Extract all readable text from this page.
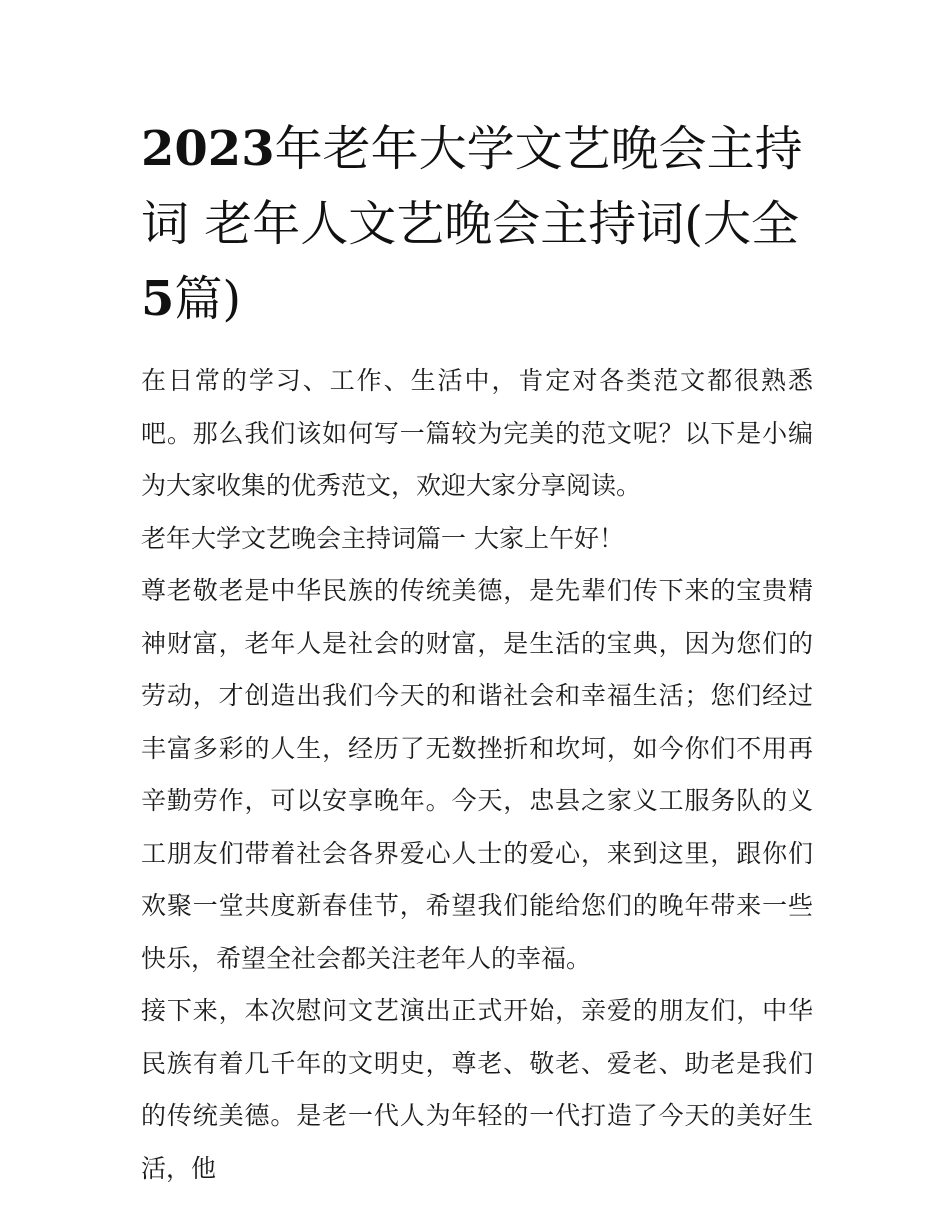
2023年老年大学文艺晚会主持词 老年人文艺晚会主持词(大全5篇)

在日常的学习、工作、生活中，肯定对各类范文都很熟悉吧。那么我们该如何写一篇较为完美的范文呢？以下是小编为大家收集的优秀范文，欢迎大家分享阅读。

老年大学文艺晚会主持词篇一 大家上午好！

尊老敬老是中华民族的传统美德，是先辈们传下来的宝贵精神财富，老年人是社会的财富，是生活的宝典，因为您们的劳动，才创造出我们今天的和谐社会和幸福生活；您们经过丰富多彩的人生，经历了无数挫折和坎坷，如今你们不用再辛勤劳作，可以安享晚年。今天，忠县之家义工服务队的义工朋友们带着社会各界爱心人士的爱心，来到这里，跟你们欢聚一堂共度新春佳节，希望我们能给您们的晚年带来一些快乐，希望全社会都关注老年人的幸福。

接下来，本次慰问文艺演出正式开始，亲爱的朋友们，中华民族有着几千年的文明史，尊老、敬老、爱老、助老是我们的传统美德。是老一代人为年轻的一代打造了今天的美好生活，他
